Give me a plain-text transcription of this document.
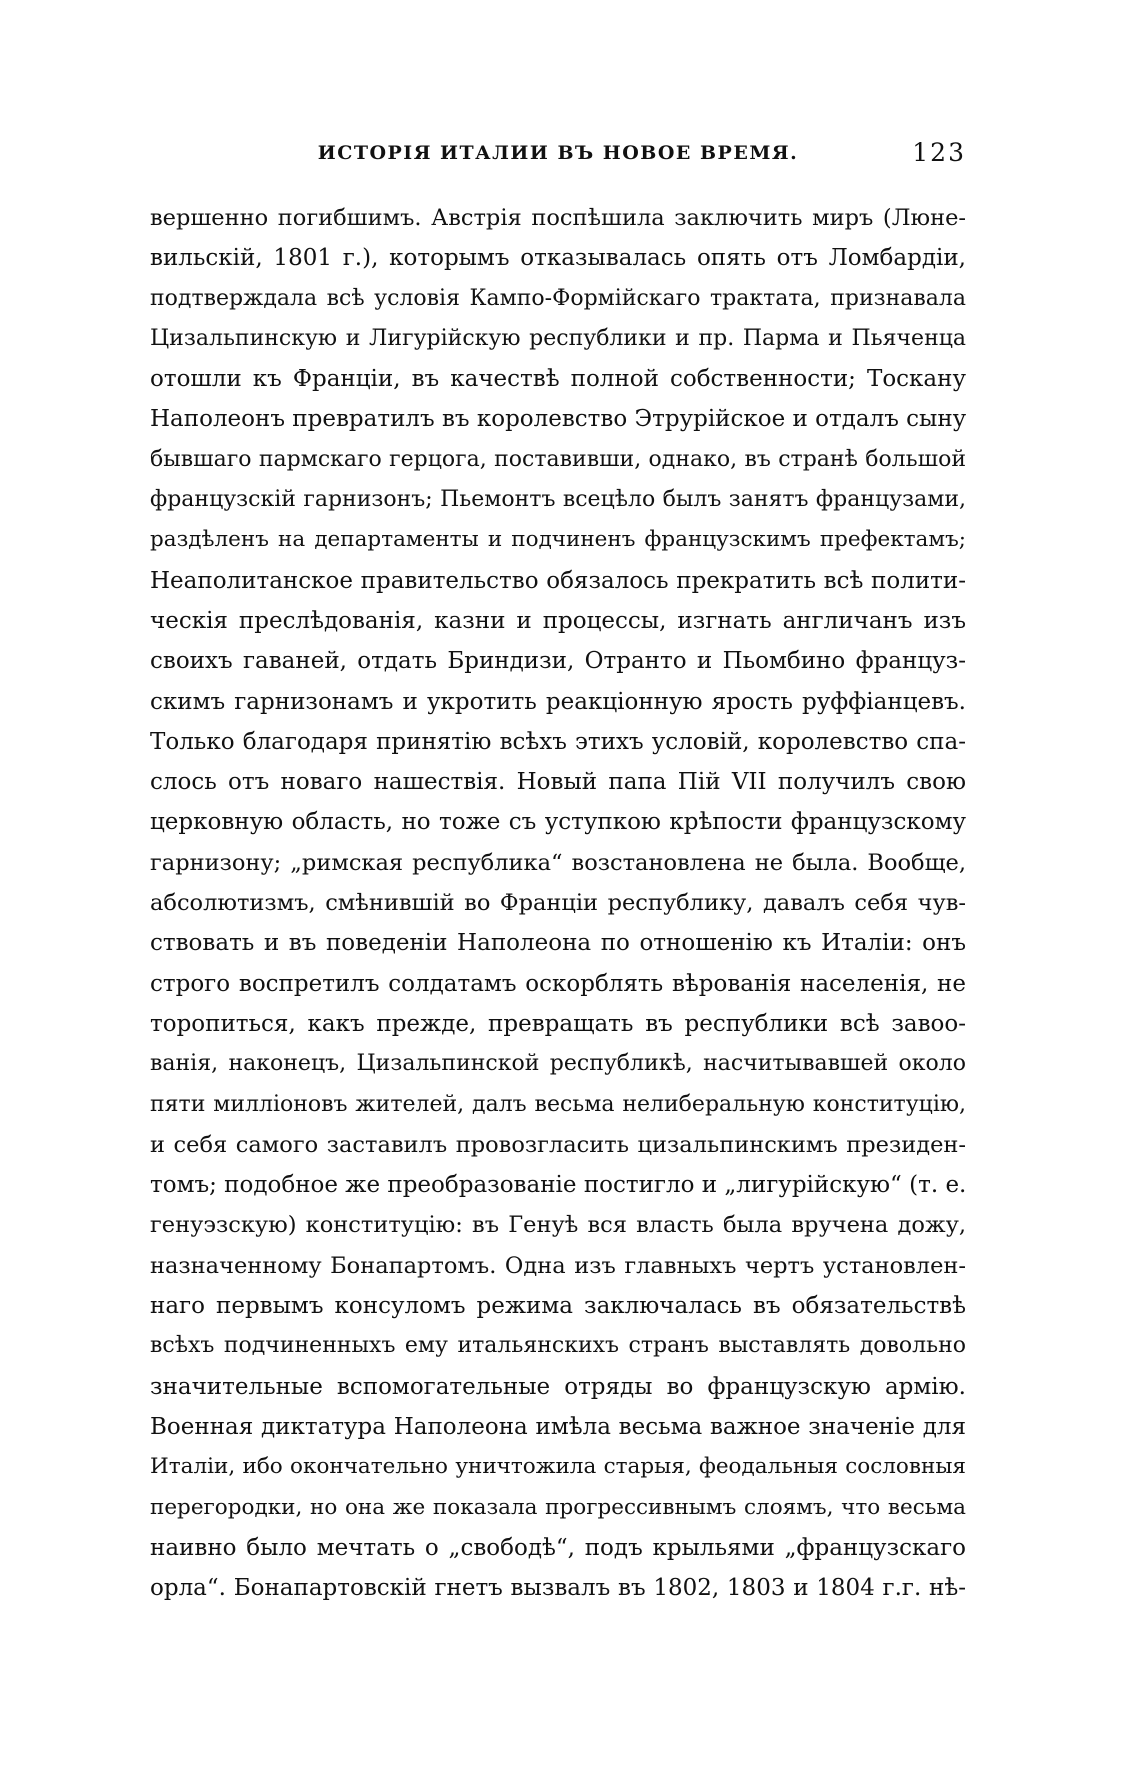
ИСТОРІЯ ИТАЛИИ ВЪ НОВОЕ ВРЕМЯ.	123
вершенно погибшимъ. Австрія поспѣшила заключить миръ (Люне-
вильскій, 1801 г.), которымъ отказывалась опять отъ Ломбардіи,
подтверждала всѣ условія Кампо-Формійскаго трактата, признавала
Цизальпинскую и Лигурійскую республики и пр. Парма и Пьяченца
отошли къ Франціи, въ качествѣ полной собственности; Тоскану
Наполеонъ превратилъ въ королевство Этрурійское и отдалъ сыну
бывшаго пармскаго герцога, поставивши, однако, въ странѣ большой
французскій гарнизонъ; Пьемонтъ всецѣло былъ занятъ французами,
раздѣленъ на департаменты и подчиненъ французскимъ префектамъ;
Неаполитанское правительство обязалось прекратить всѣ полити-
ческія преслѣдованія, казни и процессы, изгнать англичанъ изъ
своихъ гаваней, отдать Бриндизи, Отранто и Пьомбино француз-
скимъ гарнизонамъ и укротить реакціонную ярость руффіанцевъ.
Только благодаря принятію всѣхъ этихъ условій, королевство спа-
слось отъ новаго нашествія. Новый папа Пій VII получилъ свою
церковную область, но тоже съ уступкою крѣпости французскому
гарнизону; „римская республика“ возстановлена не была. Вообще,
абсолютизмъ, смѣнившій во Франціи республику, давалъ себя чув-
ствовать и въ поведеніи Наполеона по отношенію къ Италіи: онъ
строго воспретилъ солдатамъ оскорблять вѣрованія населенія, не
торопиться, какъ прежде, превращать въ республики всѣ завоо-
ванія, наконецъ, Цизальпинской республикѣ, насчитывавшей около
пяти милліоновъ жителей, далъ весьма нелиберальную конституцію,
и себя самого заставилъ провозгласить цизальпинскимъ президен-
томъ; подобное же преобразованіе постигло и „лигурійскую“ (т. е.
генуэзскую) конституцію: въ Генуѣ вся власть была вручена дожу,
назначенному Бонапартомъ. Одна изъ главныхъ чертъ установлен-
наго первымъ консуломъ режима заключалась въ обязательствѣ
всѣхъ подчиненныхъ ему итальянскихъ странъ выставлять довольно
значительные вспомогательные отряды во французскую армію.
Военная диктатура Наполеона имѣла весьма важное значеніе для
Италіи, ибо окончательно уничтожила старыя, феодальныя сословныя
перегородки, но она же показала прогрессивнымъ слоямъ, что весьма
наивно было мечтать о „свободѣ“, подъ крыльями „французскаго
орла“. Бонапартовскій гнетъ вызвалъ въ 1802, 1803 и 1804 г.г. нѣ-
